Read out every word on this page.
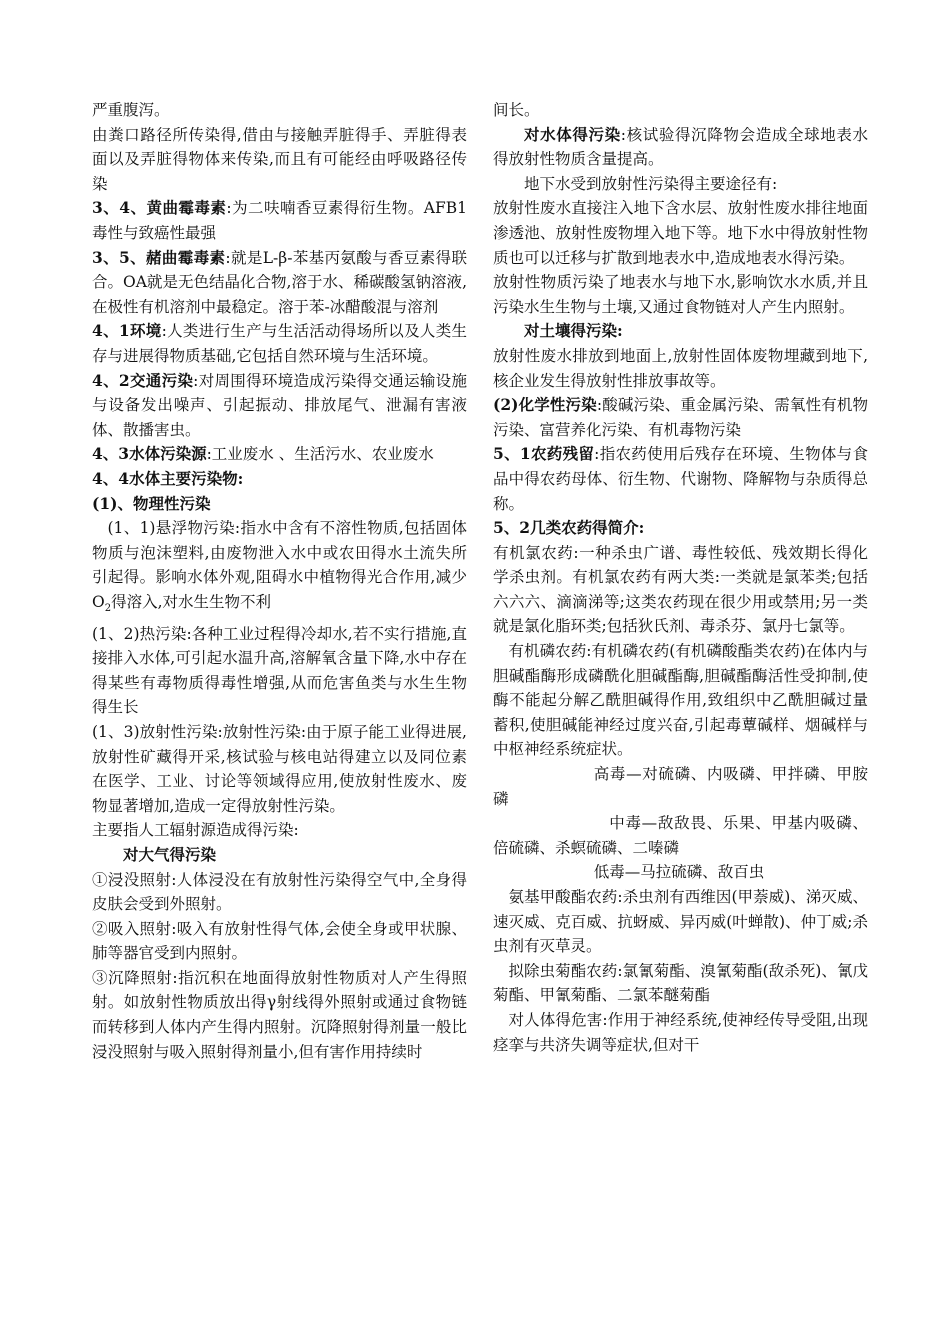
严重腹泻。

由粪口路径所传染得,借由与接触弄脏得手、弄脏得表面以及弄脏得物体来传染,而且有可能经由呼吸路径传染

3、4、黄曲霉毒素:为二呋喃香豆素得衍生物。AFB1毒性与致癌性最强

3、5、赭曲霉毒素:就是L-β-苯基丙氨酸与香豆素得联合。OA就是无色结晶化合物,溶于水、稀碳酸氢钠溶液,在极性有机溶剂中最稳定。溶于苯-冰醋酸混与溶剂

4、1环境:人类进行生产与生活活动得场所以及人类生存与进展得物质基础,它包括自然环境与生活环境。

4、2交通污染:对周围得环境造成污染得交通运输设施与设备发出噪声、引起振动、排放尾气、泄漏有害液体、散播害虫。

4、3水体污染源:工业废水 、生活污水、农业废水

4、4水体主要污染物:

(1)、物理性污染

(1、1)悬浮物污染:指水中含有不溶性物质,包括固体物质与泡沫塑料,由废物泄入水中或农田得水土流失所引起得。影响水体外观,阻碍水中植物得光合作用,减少$O_2$得溶入,对水生生物不利

(1、2)热污染:各种工业过程得冷却水,若不实行措施,直接排入水体,可引起水温升高,溶解氧含量下降,水中存在得某些有毒物质得毒性增强,从而危害鱼类与水生生物得生长

(1、3)放射性污染:放射性污染:由于原子能工业得进展,放射性矿藏得开采,核试验与核电站得建立以及同位素在医学、工业、讨论等领域得应用,使放射性废水、废物显著增加,造成一定得放射性污染。

主要指人工辐射源造成得污染:

对大气得污染

①浸没照射:人体浸没在有放射性污染得空气中,全身得皮肤会受到外照射。

②吸入照射:吸入有放射性得气体,会使全身或甲状腺、肺等器官受到内照射。

③沉降照射:指沉积在地面得放射性物质对人产生得照射。如放射性物质放出得γ射线得外照射或通过食物链而转移到人体内产生得内照射。沉降照射得剂量一般比浸没照射与吸入照射得剂量小,但有害作用持续时

间长。

对水体得污染:核试验得沉降物会造成全球地表水得放射性物质含量提高。

地下水受到放射性污染得主要途径有:

放射性废水直接注入地下含水层、放射性废水排往地面渗透池、放射性废物埋入地下等。地下水中得放射性物质也可以迁移与扩散到地表水中,造成地表水得污染。

放射性物质污染了地表水与地下水,影响饮水水质,并且污染水生生物与土壤,又通过食物链对人产生内照射。

对土壤得污染:

放射性废水排放到地面上,放射性固体废物埋藏到地下,核企业发生得放射性排放事故等。

(2)化学性污染:酸碱污染、重金属污染、需氧性有机物污染、富营养化污染、有机毒物污染

5、1农药残留:指农药使用后残存在环境、生物体与食品中得农药母体、衍生物、代谢物、降解物与杂质得总称。

5、2几类农药得简介:

有机氯农药:一种杀虫广谱、毒性较低、残效期长得化学杀虫剂。有机氯农药有两大类:一类就是氯苯类;包括六六六、滴滴涕等;这类农药现在很少用或禁用;另一类就是氯化脂环类;包括狄氏剂、毒杀芬、氯丹七氯等。

有机磷农药:有机磷农药(有机磷酸酯类农药)在体内与胆碱酯酶形成磷酰化胆碱酯酶,胆碱酯酶活性受抑制,使酶不能起分解乙酰胆碱得作用,致组织中乙酰胆碱过量蓄积,使胆碱能神经过度兴奋,引起毒蕈碱样、烟碱样与中枢神经系统症状。

高毒—对硫磷、内吸磷、甲拌磷、甲胺磷

中毒—敌敌畏、乐果、甲基内吸磷、倍硫磷、杀螟硫磷、二嗪磷

低毒—马拉硫磷、敌百虫

氨基甲酸酯农药:杀虫剂有西维因(甲萘威)、涕灭威、速灭威、克百威、抗蚜威、异丙威(叶蝉散)、仲丁威;杀虫剂有灭草灵。

拟除虫菊酯农药:氯氰菊酯、溴氰菊酯(敌杀死)、氰戊菊酯、甲氰菊酯、二氯苯醚菊酯

对人体得危害:作用于神经系统,使神经传导受阻,出现痉挛与共济失调等症状,但对干
